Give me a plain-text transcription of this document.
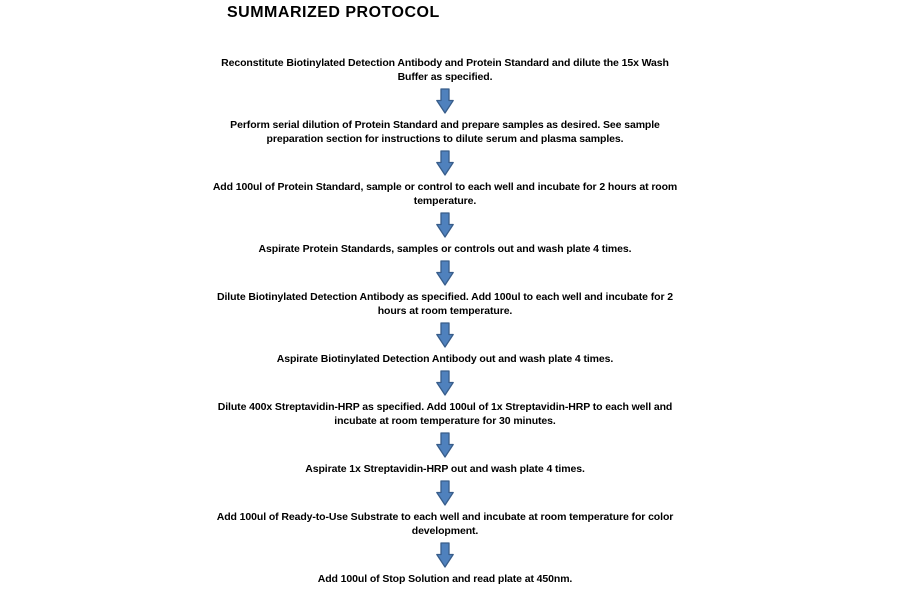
SUMMARIZED PROTOCOL
Reconstitute Biotinylated Detection Antibody and Protein Standard and dilute the 15x Wash Buffer as specified.
Perform serial dilution of Protein Standard and prepare samples as desired. See sample preparation section for instructions to dilute serum and plasma samples.
Add 100ul of Protein Standard, sample or control to each well and incubate for 2 hours at room temperature.
Aspirate Protein Standards, samples or controls out and wash plate 4 times.
Dilute Biotinylated Detection Antibody as specified. Add 100ul to each well and incubate for 2 hours at room temperature.
Aspirate Biotinylated Detection Antibody out and wash plate 4 times.
Dilute 400x Streptavidin-HRP as specified. Add 100ul of 1x Streptavidin-HRP to each well and incubate at room temperature for 30 minutes.
Aspirate 1x Streptavidin-HRP out and wash plate 4 times.
Add 100ul of Ready-to-Use Substrate to each well and incubate at room temperature for color development.
Add 100ul of Stop Solution and read plate at 450nm.
